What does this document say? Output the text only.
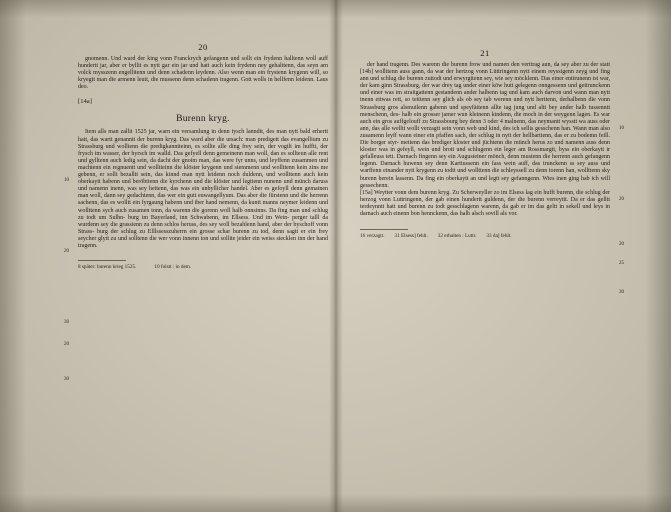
20

gnomenn. Und ward der king vonn Franckrych gefangenn und sollt ein frydenn halltenn woll auff hundertt jar, aber er byllit es nytt gar ein jar und hatt auch kein frydenn ney gehalttenn, das seyn arn volck mysszenn engellitenn und denn schadenn leydenn. Also wenn man ein frystenn krygenn will, so kryegtt man die armenn leutt, die mussenn denn schadenn tragenn. Gott wolls in hellfenn leidenn. Laus deo.

[14a]
Burenn kryg.
10
20
30
20
30

Item alls man zallit 1525 jar, warn ein versamlung in denn tysch lanndtt, des man nytt bald erhertt hatt, das wartt genanntt der burenn kryg. Das ward aber die ursach: man predigett das evangellium zu Strassburg und wolltenn die predigkanntteinn, es sollte alle ding frey sein, der vogtlt im hufftt, der frysch im wasser, der hyrsch im walld. Das gefyell denn gemeinenn man woll, dan es sollteun alle rent und gylltenn auch ledig sein, da dacht der gnoim man, das were fyr unns, und leyffenn zusammen und machtenn ein regnuentt und wolltteinn die klöster krygenn und stemmenn und wollttenn kein zins me gebenn, er sollt bezalltt sein, das kinnd man nytt leidenn noch duldenn, und wollttenn auch kein oberkaytt habenn und beröbttenn die kyrchenn und die klöster und legttenn nunenn und münch daruss und namenn inenn, was sey hettenn, das was ein unbyllicher handel. Aber es gefoyll denn gemainen man woll, dann sey gedachtenn, das wer ein gutt euwangellyum. Das aber die fürstenn und die herrenn sachenn, das es wolltt ein fyrgaung habenn und iber hand nemenn, da kuntt manns neymer leidenn und wollttenn sych auch zusamen tonn, da warenn die gorenn woll halb onnsinns. Da fing man und schlug zu todt um Sulhn- burg im Bayerland, inn Schwabenn, im Ellsess. Und im Wein- perger talll da wurdenn sey die grassienn zu denn schlos heruss, des sey woll bezahlenn hand, aber der byschoff vonn Strass- burg der schlug zu Elllssesszuherrn ein grosse schar burenn zu tod, denn sagtt er ein frey seycher glytt zu und solltenn die wer vonn innenn ton und sollite jeider ein weiss stecklen inn der hand tragenn.

8 später: burenn krieg 1525.	10 folstt : in dem.
21
10
20
25
30

der hand tragenn. Des warenn die burenn frow und namen den verttrag aun, da sey aber zu der statt [14b] wollitenn auss gann, da war der hertzog vonn Lüttringenn nytt einem reyssigenn zeyg und fing ann und schlug die burenn zuttodt und erwyrgttenn sey, wie sey möcklenn. Das einer enttrunenn ist war, der kam ginn Strassburg, der war drey tag under einer köw hutt gelegenn onngessenn und gettrunckenn und einer was im straitgattenn gestandenn ander halbenn tag und kam auch darvon und wann man nytt inenn ettwas rett, so teittenn sey glich als ob sey tab werenn und nytt herttenn, derhalbenn die vonn Strassburg gros alsmuilenn gabenn und speyfättenn allte tag jung und altt bey ander halb tussenntt menschenn, des- halb ein grosser jamer wun kleinenn kindenn, die moch in der weygenn lagen. Es war auch ein gros auffgelouff zu Strassbourg bey denn 3 oder 4 malnenn, das neymantt wysstt wa auss oder ann, das alle welltt wollt verzagtt sein vonn web und kind, des ich sellis gesschenn han. Wann man also zusamenn leyff wann einer ein pfaffen sach, der schlug in nytt der hellbarttenn, das er zu bodemn feill. Die borger styr- mettenn das brediger kloster und jüchtenn die münch herus zo und namenn auss denn kloster was in gefeyll, wein und brott und schlugenn ein leger am Rossmargtt, byss ein oberkaytt ir gefalleuss tett. Darnach fingenn sey ein Augusteiner mönch, denn mustenn die herrenn auch gefangenn legenn. Darnach huwenn sey denn Karttussenn ein fass wein auff, das trunckenn ss sey auss und warffenn einander nytt krygenn zu todtt und wollttenn die schleyssell zu denn torenn han, wollttenn sky burenn herein lassenn. Da fing ein oberkaytt an und legtt sey gefanngenn. Wies inen ging hab ich will gessechenn.

20

[15a] Weytter vonn dem burenn kryg. Zu Scherweyller zo im Elsess lag ein hufft burenn, die schlug der herzog vonn Luttringenn, der gab einen hundertt guldenn, der die burenn verreyttt. Da er das gelltt terdeynntt hatt und burenn zu todt gesschlagenn warenn, da gab er im das geltt in sekell und leys in darnach auch einenn bon hennckenn, das halb alsch sovill als vor.

16 verzagtt. 31 Elsess] fehlt. 32 erhalten : Luttr. 33 da] fehlt.
